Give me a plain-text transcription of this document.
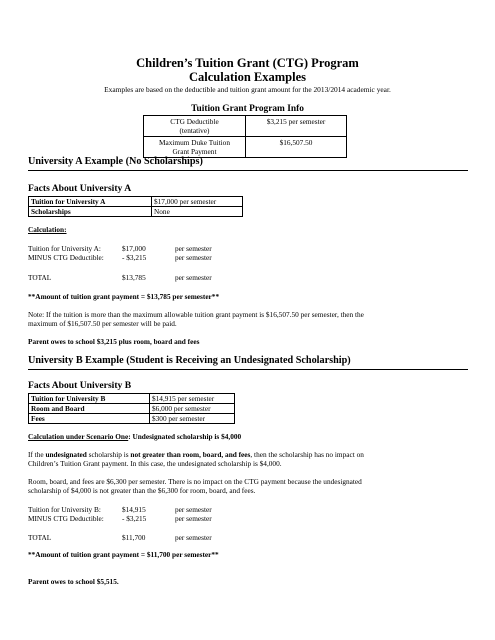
Children’s Tuition Grant (CTG) Program
Calculation Examples
Examples are based on the deductible and tuition grant amount for the 2013/2014 academic year.
Tuition Grant Program Info
CTG Deductible
(tentative)	$3,215 per semester
Maximum Duke Tuition
Grant Payment	$16,507.50
University A Example (No Scholarships)
Facts About University A
Tuition for University A	$17,000 per semester
Scholarships	None
Calculation:
Tuition for University A:	$17,000	per semester
MINUS CTG Deductible: - $3,215	per semester
TOTAL	$13,785	per semester
**Amount of tuition grant payment = $13,785 per semester**
Note: If the tuition is more than the maximum allowable tuition grant payment is $16,507.50 per semester, then the
maximum of $16,507.50 per semester will be paid.
Parent owes to school $3,215 plus room, board and fees
University B Example (Student is Receiving an Undesignated Scholarship)
Facts About University B
Tuition for University B	$14,915 per semester
Room and Board	$6,000 per semester
Fees	$300 per semester
Calculation under Scenario One: Undesignated scholarship is $4,000
If the undesignated scholarship is not greater than room, board, and fees, then the scholarship has no impact on
Children’s Tuition Grant payment. In this case, the undesignated scholarship is $4,000.
Room, board, and fees are $6,300 per semester. There is no impact on the CTG payment because the undesignated
scholarship of $4,000 is not greater than the $6,300 for room, board, and fees.
Tuition for University B:	$14,915	per semester
MINUS CTG Deductible: - $3,215	per semester
TOTAL	$11,700	per semester
**Amount of tuition grant payment = $11,700 per semester**
Parent owes to school $5,515.
